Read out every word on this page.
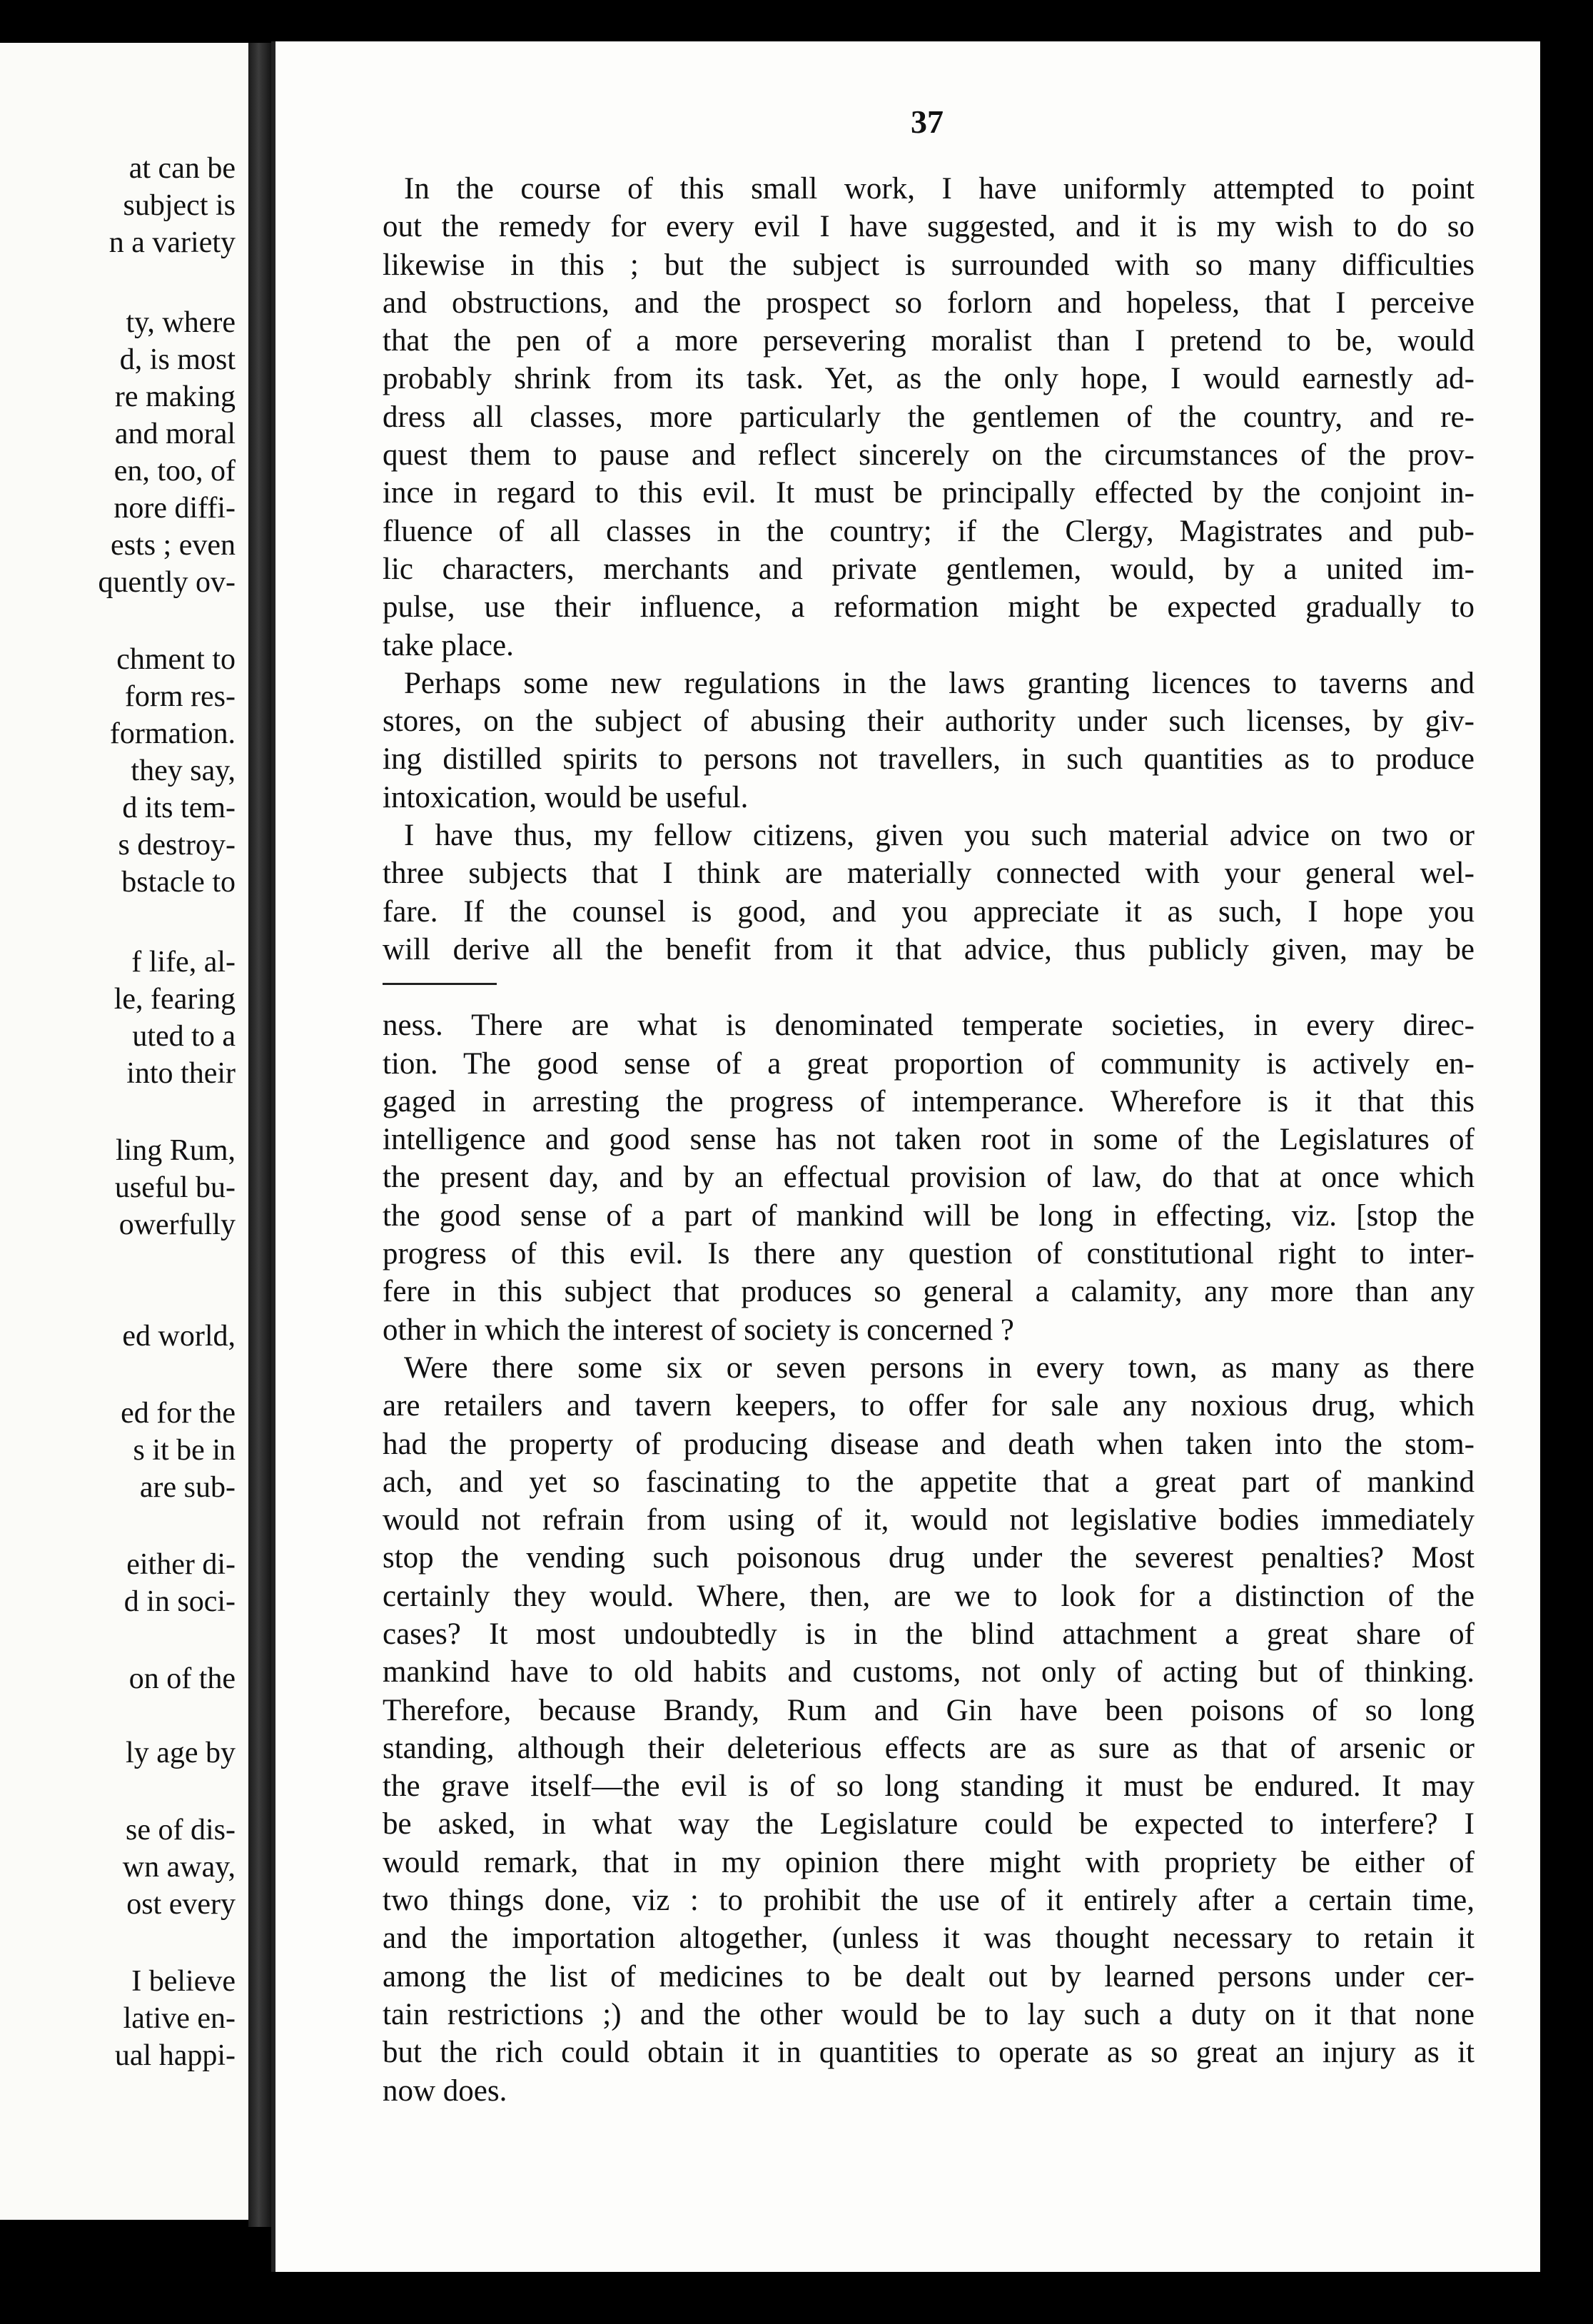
at can be
subject is
n a variety
ty, where
d, is most
re making
and moral
en, too, of
nore diffi-
ests ; even
quently ov-
chment to
form res-
formation.
they say,
d its tem-
s destroy-
bstacle to
f life, al-
le, fearing
uted to a
into their
ling Rum,
useful bu-
owerfully
ed world,
ed for the
s it be in
are sub-
either di-
d in soci-
on of the
ly age by
se of dis-
wn away,
ost every
I believe
lative en-
ual happi-
37
In the course of this small work, I have uniformly attempted to point
out the remedy for every evil I have suggested, and it is my wish to do so
likewise in this ; but the subject is surrounded with so many difficulties
and obstructions, and the prospect so forlorn and hopeless, that I perceive
that the pen of a more persevering moralist than I pretend to be, would
probably shrink from its task. Yet, as the only hope, I would earnestly ad-
dress all classes, more particularly the gentlemen of the country, and re-
quest them to pause and reflect sincerely on the circumstances of the prov-
ince in regard to this evil. It must be principally effected by the conjoint in-
fluence of all classes in the country; if the Clergy, Magistrates and pub-
lic characters, merchants and private gentlemen, would, by a united im-
pulse, use their influence, a reformation might be expected gradually to
take place.
Perhaps some new regulations in the laws granting licences to taverns and
stores, on the subject of abusing their authority under such licenses, by giv-
ing distilled spirits to persons not travellers, in such quantities as to produce
intoxication, would be useful.
I have thus, my fellow citizens, given you such material advice on two or
three subjects that I think are materially connected with your general wel-
fare. If the counsel is good, and you appreciate it as such, I hope you
will derive all the benefit from it that advice, thus publicly given, may be
ness. There are what is denominated temperate societies, in every direc-
tion. The good sense of a great proportion of community is actively en-
gaged in arresting the progress of intemperance. Wherefore is it that this
intelligence and good sense has not taken root in some of the Legislatures of
the present day, and by an effectual provision of law, do that at once which
the good sense of a part of mankind will be long in effecting, viz. [stop the
progress of this evil. Is there any question of constitutional right to inter-
fere in this subject that produces so general a calamity, any more than any
other in which the interest of society is concerned ?
Were there some six or seven persons in every town, as many as there
are retailers and tavern keepers, to offer for sale any noxious drug, which
had the property of producing disease and death when taken into the stom-
ach, and yet so fascinating to the appetite that a great part of mankind
would not refrain from using of it, would not legislative bodies immediately
stop the vending such poisonous drug under the severest penalties? Most
certainly they would. Where, then, are we to look for a distinction of the
cases? It most undoubtedly is in the blind attachment a great share of
mankind have to old habits and customs, not only of acting but of thinking.
Therefore, because Brandy, Rum and Gin have been poisons of so long
standing, although their deleterious effects are as sure as that of arsenic or
the grave itself—the evil is of so long standing it must be endured. It may
be asked, in what way the Legislature could be expected to interfere? I
would remark, that in my opinion there might with propriety be either of
two things done, viz : to prohibit the use of it entirely after a certain time,
and the importation altogether, (unless it was thought necessary to retain it
among the list of medicines to be dealt out by learned persons under cer-
tain restrictions ;) and the other would be to lay such a duty on it that none
but the rich could obtain it in quantities to operate as so great an injury as it
now does.
